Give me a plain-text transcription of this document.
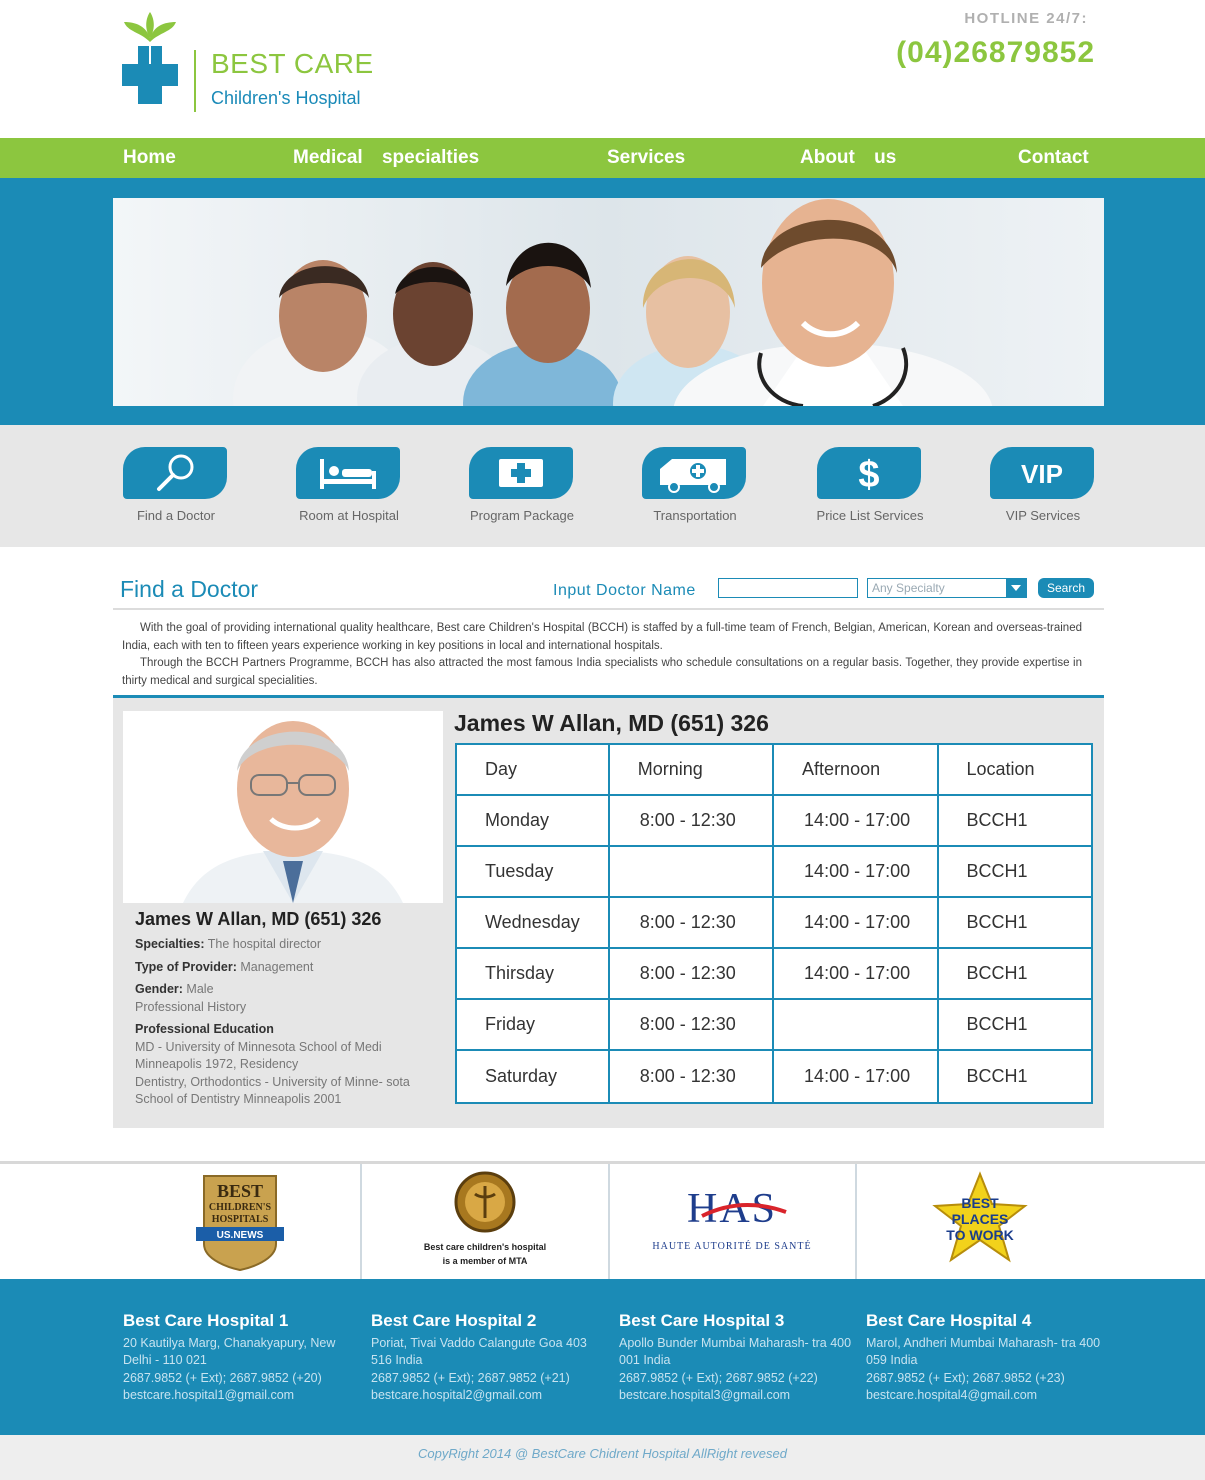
BEST CARE
Children's Hospital
HOTLINE 24/7:
(04)26879852
Home	Medical specialties	Services	About us	Contact
Find a Doctor	Room at Hospital	Program Package	Transportation
$
Price List Services
VIP
VIP Services
Find a Doctor	Input Doctor Name	Any Specialty	Search

With the goal of providing international quality healthcare, Best care Children's Hospital (BCCH) is staffed by a full-time team of French, Belgian, American, Korean and overseas-trained India, each with ten to fifteen years experience working in key positions in local and international hospitals.

Through the BCCH Partners Programme, BCCH has also attracted the most famous India specialists who schedule consultations on a regular basis. Together, they provide expertise in thirty medical and surgical specialities.

James W Allan, MD (651) 326
Specialties: The hospital director
Type of Provider: Management
Gender: Male
Professional History
Professional Education
MD - University of Minnesota School of Medi Minneapolis 1972, Residency
Dentistry, Orthodontics - University of Minne- sota School of Dentistry Minneapolis 2001
James W Allan, MD (651) 326
Day	Morning	Afternoon	Location
Monday	8:00 - 12:30	14:00 - 17:00	BCCH1
Tuesday		14:00 - 17:00	BCCH1
Wednesday	8:00 - 12:30	14:00 - 17:00	BCCH1
Thirsday	8:00 - 12:30	14:00 - 17:00	BCCH1
Friday	8:00 - 12:30		BCCH1
Saturday	8:00 - 12:30	14:00 - 17:00	BCCH1
BEST
CHILDREN'S
HOSPITALS
US.NEWS
Best care children's hospital
is a member of MTA
HAS
HAUTE AUTORITÉ DE SANTÉ
BEST
PLACES
TO WORK
Best Care Hospital 1
20 Kautilya Marg, Chanakyapury, New Delhi - 110 021
2687.9852 (+ Ext); 2687.9852 (+20)
bestcare.hospital1@gmail.com
Best Care Hospital 2
Poriat, Tivai Vaddo Calangute Goa 403 516 India
2687.9852 (+ Ext); 2687.9852 (+21)
bestcare.hospital2@gmail.com
Best Care Hospital 3
Apollo Bunder Mumbai Maharash- tra 400 001 India
2687.9852 (+ Ext); 2687.9852 (+22)
bestcare.hospital3@gmail.com
Best Care Hospital 4
Marol, Andheri Mumbai Maharash- tra 400 059 India
2687.9852 (+ Ext); 2687.9852 (+23)
bestcare.hospital4@gmail.com
CopyRight 2014 @ BestCare Chidrent Hospital AllRight revesed
